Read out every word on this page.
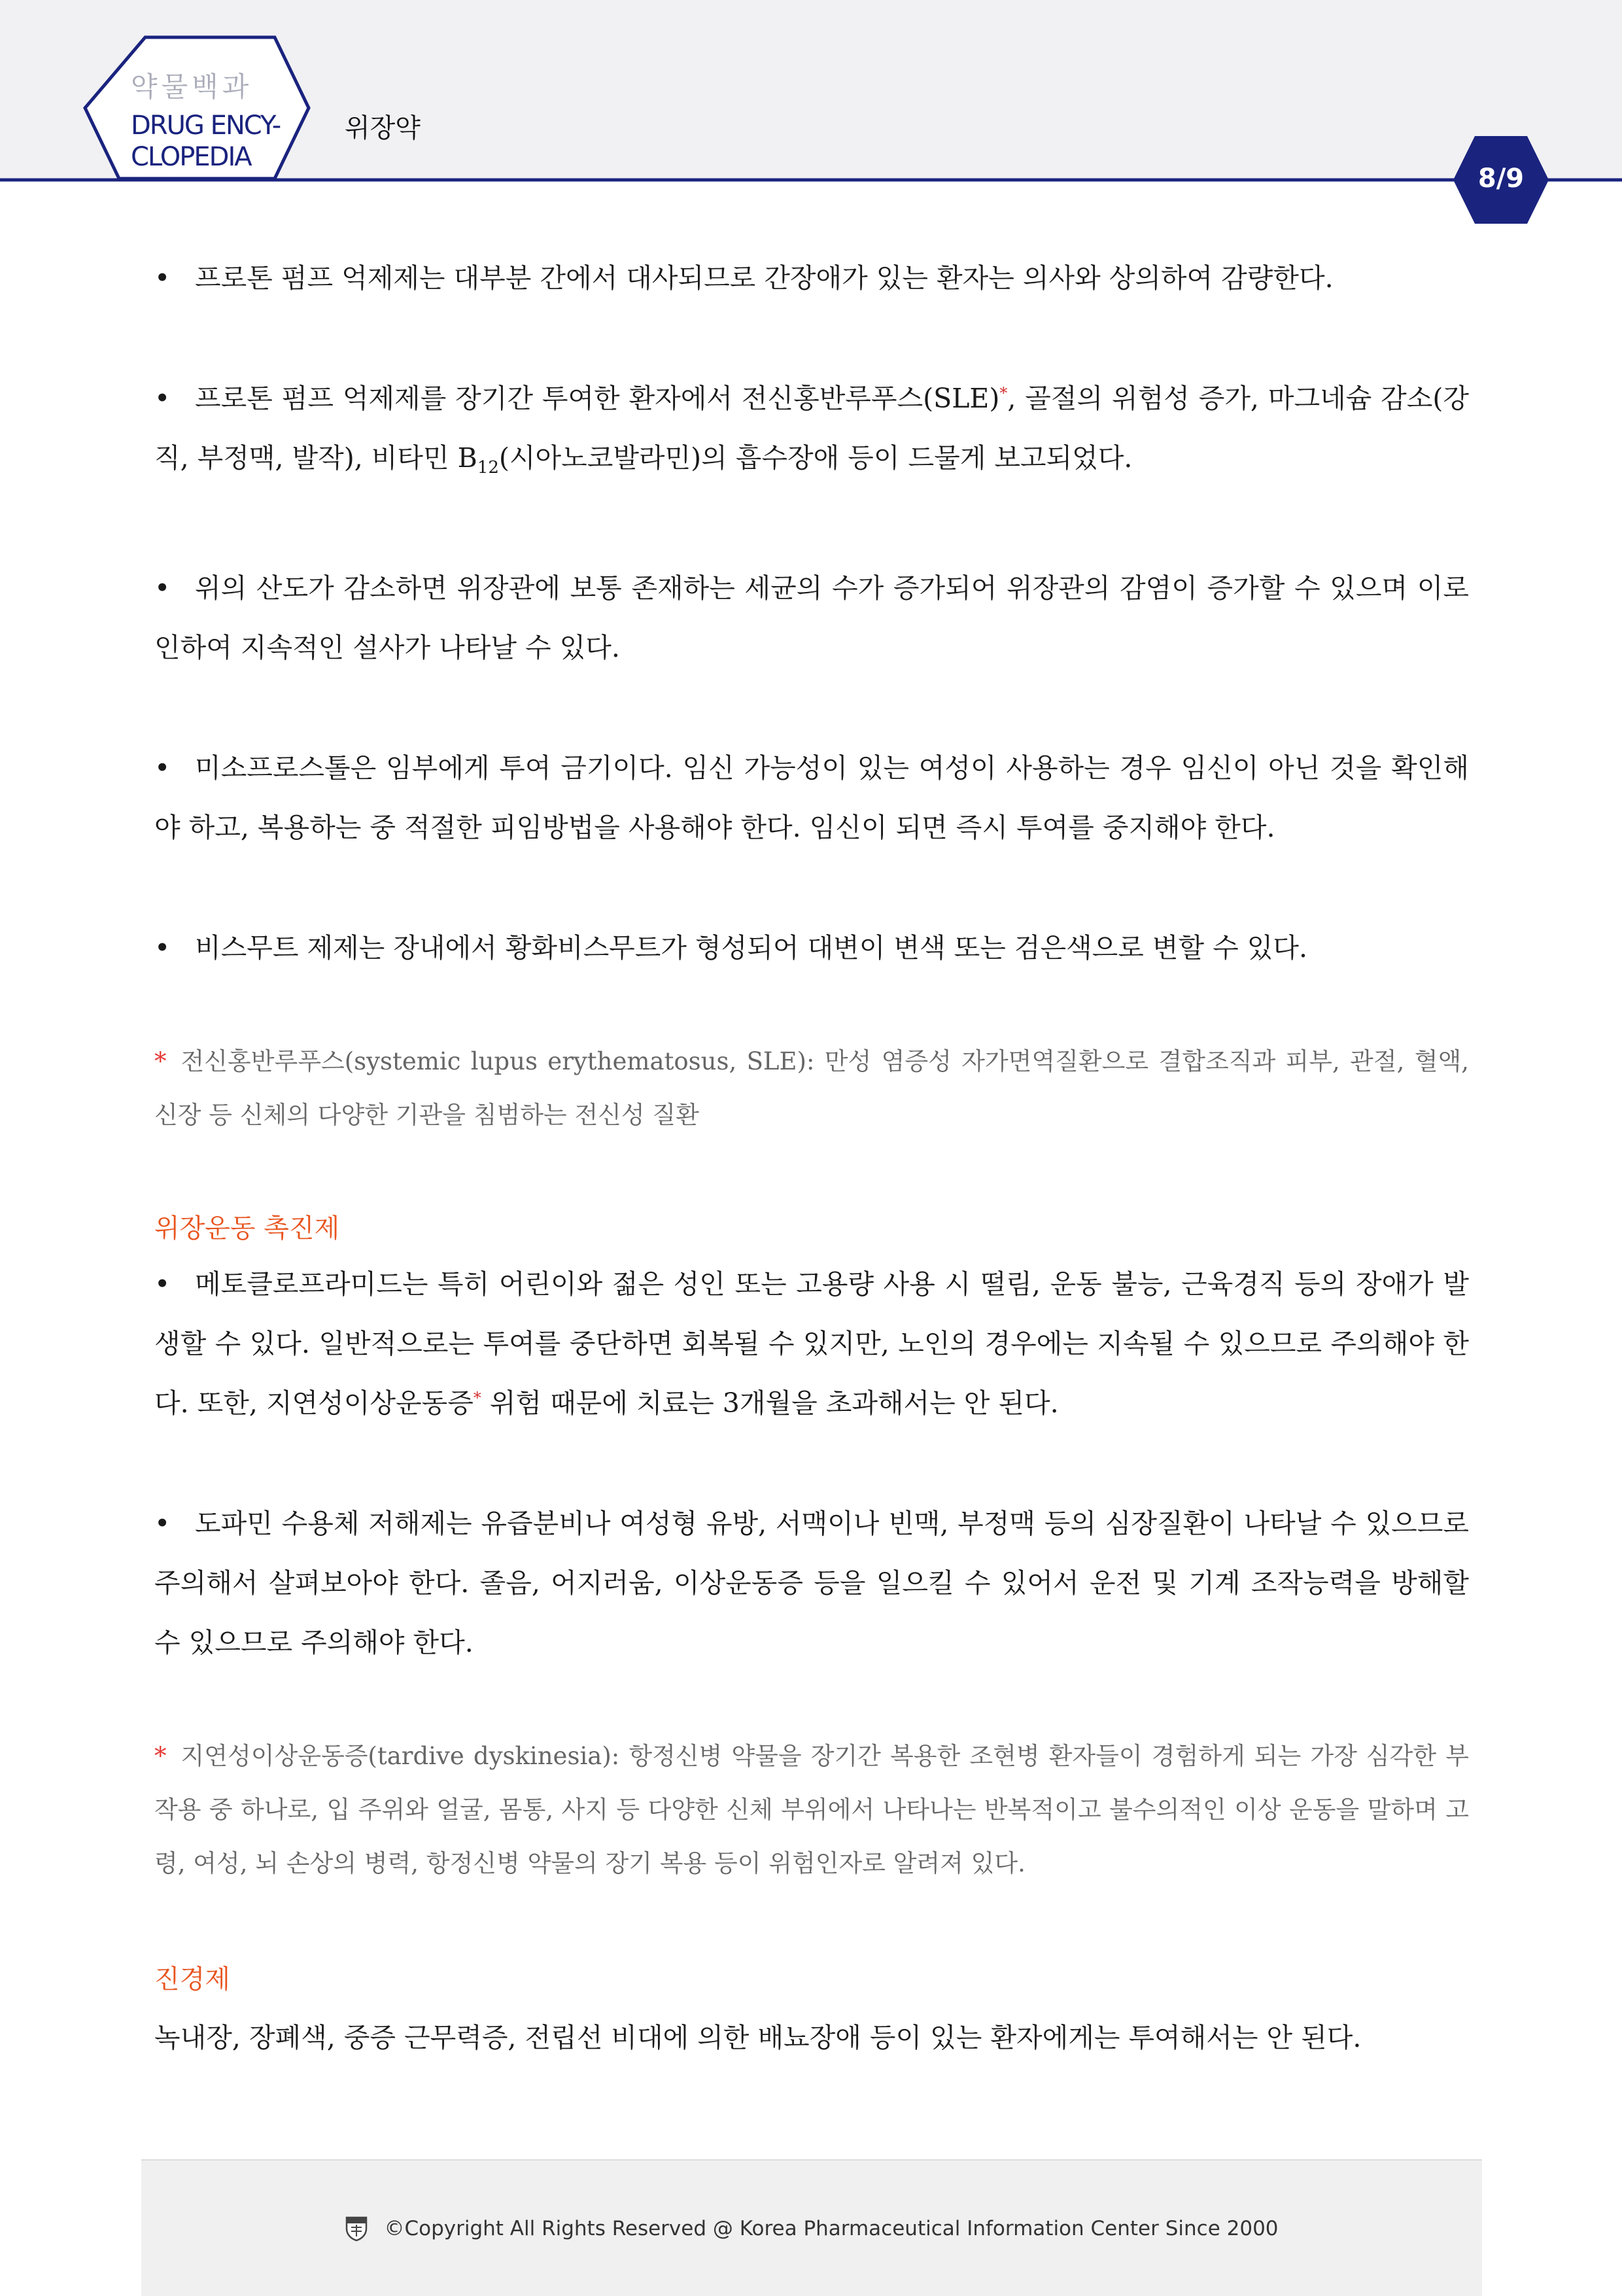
약물백과
DRUG ENCY-
CLOPEDIA
위장약
8/9

• 프로톤 펌프 억제제는 대부분 간에서 대사되므로 간장애가 있는 환자는 의사와 상의하여 감량한다.

• 프로톤 펌프 억제제를 장기간 투여한 환자에서 전신홍반루푸스(SLE)*, 골절의 위험성 증가, 마그네슘 감소(강직, 부정맥, 발작), 비타민 $B_{12}$(시아노코발라민)의 흡수장애 등이 드물게 보고되었다.

• 위의 산도가 감소하면 위장관에 보통 존재하는 세균의 수가 증가되어 위장관의 감염이 증가할 수 있으며 이로 인하여 지속적인 설사가 나타날 수 있다.

• 미소프로스톨은 임부에게 투여 금기이다. 임신 가능성이 있는 여성이 사용하는 경우 임신이 아닌 것을 확인해야 하고, 복용하는 중 적절한 피임방법을 사용해야 한다. 임신이 되면 즉시 투여를 중지해야 한다.

• 비스무트 제제는 장내에서 황화비스무트가 형성되어 대변이 변색 또는 검은색으로 변할 수 있다.

* 전신홍반루푸스(systemic lupus erythematosus, SLE): 만성 염증성 자가면역질환으로 결합조직과 피부, 관절, 혈액, 신장 등 신체의 다양한 기관을 침범하는 전신성 질환

위장운동 촉진제

• 메토클로프라미드는 특히 어린이와 젊은 성인 또는 고용량 사용 시 떨림, 운동 불능, 근육경직 등의 장애가 발생할 수 있다. 일반적으로는 투여를 중단하면 회복될 수 있지만, 노인의 경우에는 지속될 수 있으므로 주의해야 한다. 또한, 지연성이상운동증* 위험 때문에 치료는 3개월을 초과해서는 안 된다.

• 도파민 수용체 저해제는 유즙분비나 여성형 유방, 서맥이나 빈맥, 부정맥 등의 심장질환이 나타날 수 있으므로 주의해서 살펴보아야 한다. 졸음, 어지러움, 이상운동증 등을 일으킬 수 있어서 운전 및 기계 조작능력을 방해할 수 있으므로 주의해야 한다.

* 지연성이상운동증(tardive dyskinesia): 항정신병 약물을 장기간 복용한 조현병 환자들이 경험하게 되는 가장 심각한 부작용 중 하나로, 입 주위와 얼굴, 몸통, 사지 등 다양한 신체 부위에서 나타나는 반복적이고 불수의적인 이상 운동을 말하며 고령, 여성, 뇌 손상의 병력, 항정신병 약물의 장기 복용 등이 위험인자로 알려져 있다.

진경제

녹내장, 장폐색, 중증 근무력증, 전립선 비대에 의한 배뇨장애 등이 있는 환자에게는 투여해서는 안 된다.

©Copyright All Rights Reserved @ Korea Pharmaceutical Information Center Since 2000
